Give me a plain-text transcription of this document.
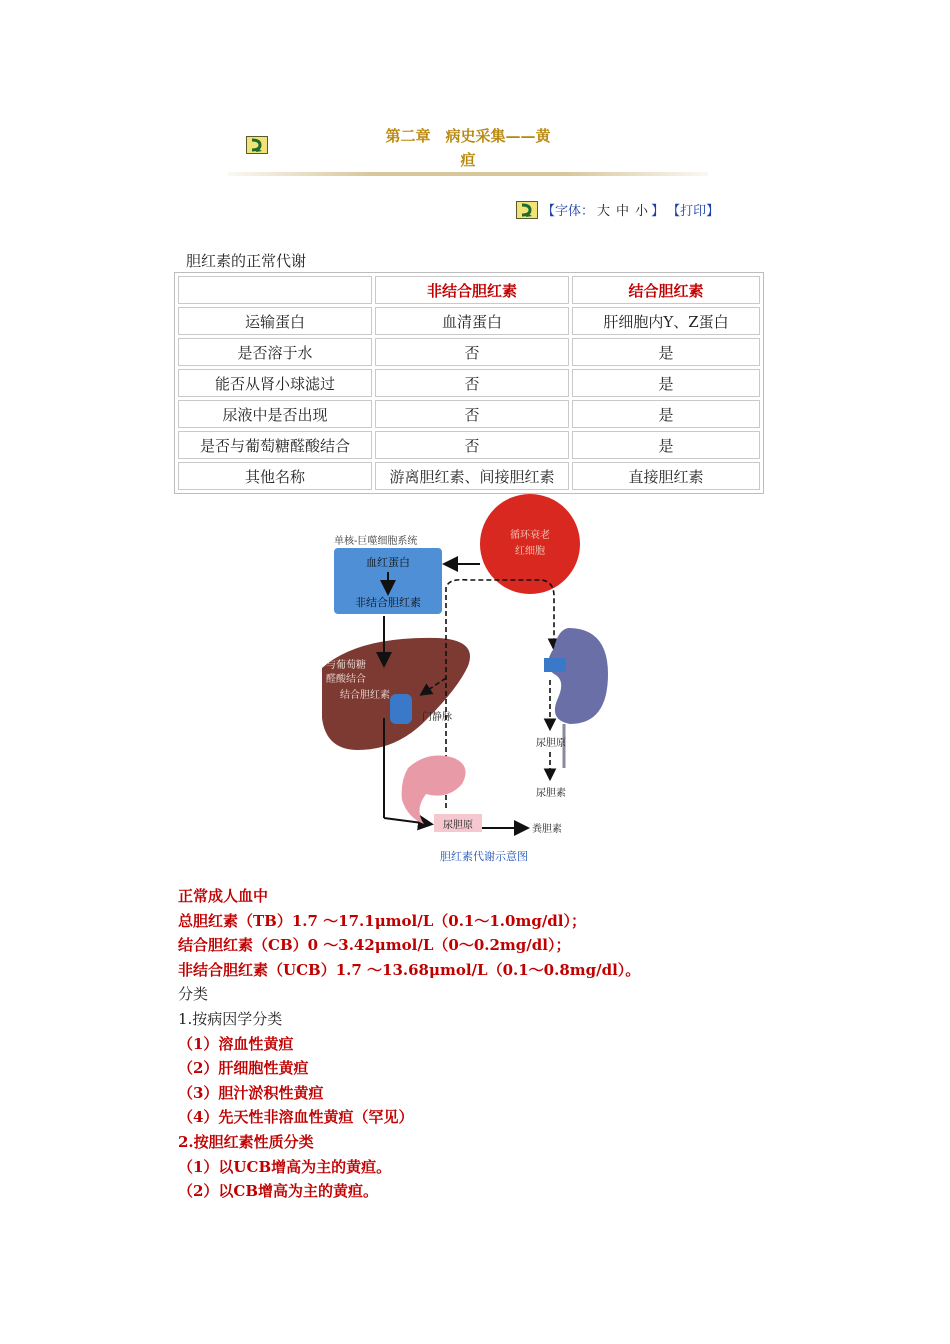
第二章　病史采集——黄
疸
【字体： 大 中 小 】 【打印】
胆红素的正常代谢
	非结合胆红素	结合胆红素
运输蛋白	血清蛋白	肝细胞内Y、Z蛋白
是否溶于水	否	是
能否从肾小球滤过	否	是
尿液中是否出现	否	是
是否与葡萄糖醛酸结合	否	是
其他名称	游离胆红素、间接胆红素	直接胆红素
循环衰老
红细胞
单核-巨噬细胞系统
血红蛋白
非结合胆红素
与葡萄糖
醛酸结合
结合胆红素
门静脉
尿胆原
尿胆素
尿胆原	粪胆素
胆红素代谢示意图
正常成人血中
总胆红素（TB）1.7 ～17.1μmol/L（0.1～1.0mg/dl）；
结合胆红素（CB）0 ～3.42μmol/L（0～0.2mg/dl）；
非结合胆红素（UCB）1.7 ～13.68μmol/L（0.1～0.8mg/dl）。
分类
1.按病因学分类
（1）溶血性黄疸
（2）肝细胞性黄疸
（3）胆汁淤积性黄疸
（4）先天性非溶血性黄疸（罕见）
2.按胆红素性质分类
（1）以UCB增高为主的黄疸。
（2）以CB增高为主的黄疸。
